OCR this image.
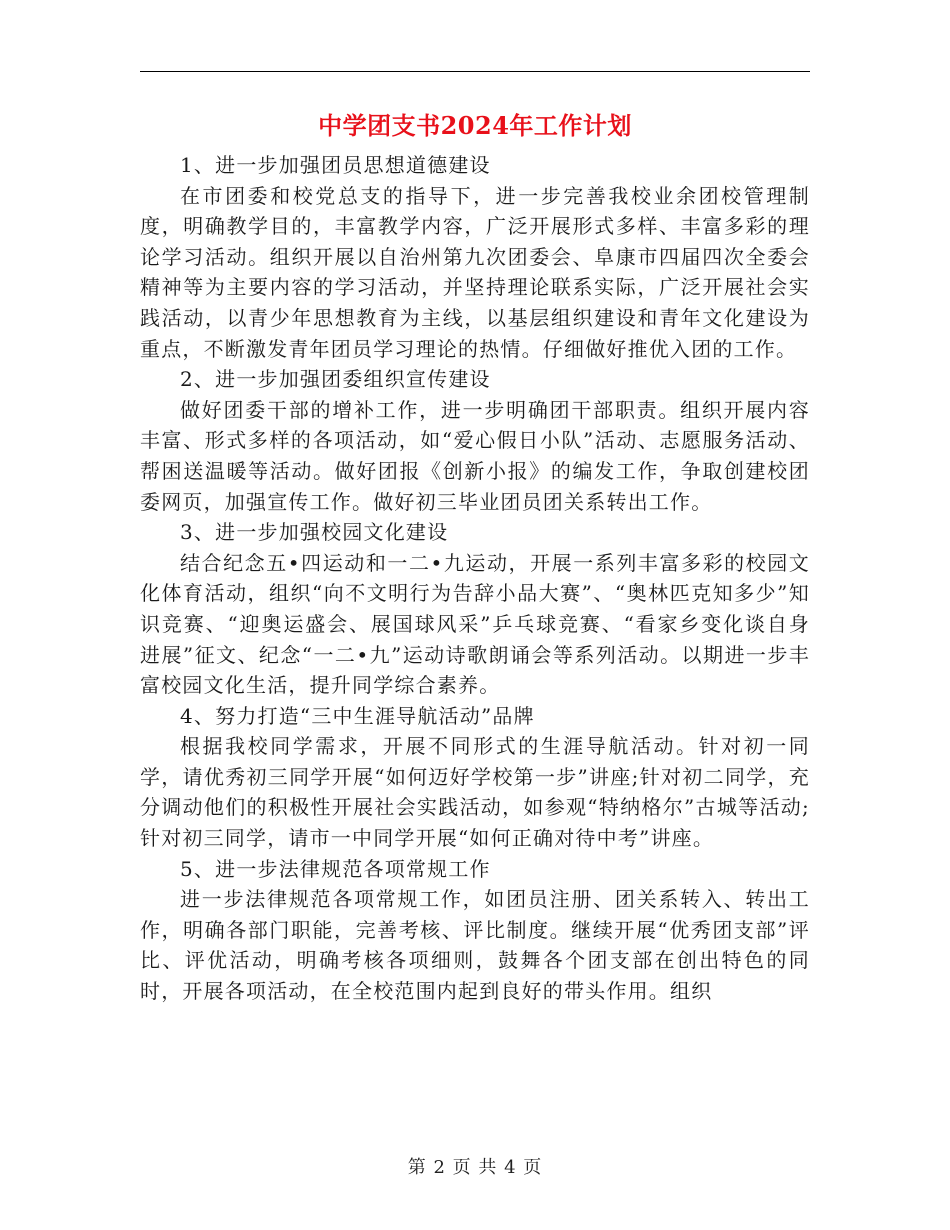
中学团支书2024年工作计划

1、进一步加强团员思想道德建设

在市团委和校党总支的指导下，进一步完善我校业余团校管理制度，明确教学目的，丰富教学内容，广泛开展形式多样、丰富多彩的理论学习活动。组织开展以自治州第九次团委会、阜康市四届四次全委会精神等为主要内容的学习活动，并坚持理论联系实际，广泛开展社会实践活动，以青少年思想教育为主线，以基层组织建设和青年文化建设为重点，不断激发青年团员学习理论的热情。仔细做好推优入团的工作。

2、进一步加强团委组织宣传建设

做好团委干部的增补工作，进一步明确团干部职责。组织开展内容丰富、形式多样的各项活动，如“爱心假日小队”活动、志愿服务活动、帮困送温暖等活动。做好团报《创新小报》的编发工作，争取创建校团委网页，加强宣传工作。做好初三毕业团员团关系转出工作。

3、进一步加强校园文化建设

结合纪念五•四运动和一二•九运动，开展一系列丰富多彩的校园文化体育活动，组织“向不文明行为告辞小品大赛”、“奥林匹克知多少”知识竞赛、“迎奥运盛会、展国球风采”乒乓球竞赛、“看家乡变化谈自身进展”征文、纪念“一二•九”运动诗歌朗诵会等系列活动。以期进一步丰富校园文化生活，提升同学综合素养。

4、努力打造“三中生涯导航活动”品牌

根据我校同学需求，开展不同形式的生涯导航活动。针对初一同学，请优秀初三同学开展“如何迈好学校第一步”讲座;针对初二同学，充分调动他们的积极性开展社会实践活动，如参观“特纳格尔”古城等活动;针对初三同学，请市一中同学开展“如何正确对待中考”讲座。

5、进一步法律规范各项常规工作

进一步法律规范各项常规工作，如团员注册、团关系转入、转出工作，明确各部门职能，完善考核、评比制度。继续开展“优秀团支部”评比、评优活动，明确考核各项细则，鼓舞各个团支部在创出特色的同时，开展各项活动，在全校范围内起到良好的带头作用。组织

第 2 页 共 4 页
